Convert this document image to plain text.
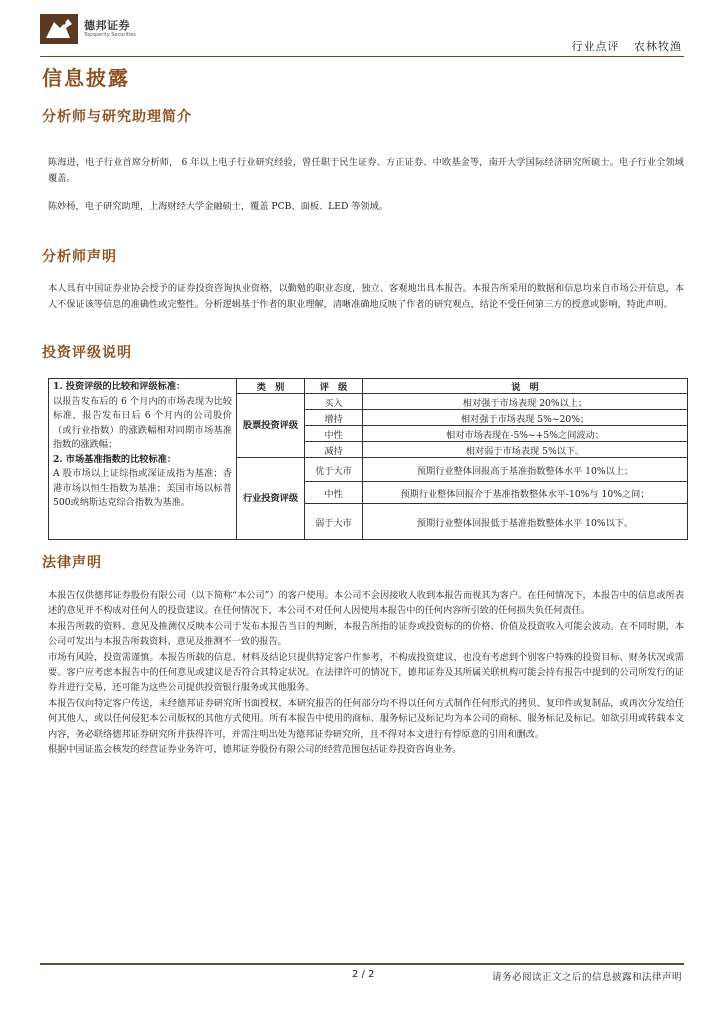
德邦证券
Topsperity Securities
行业点评 农林牧渔
信息披露
分析师与研究助理简介
陈海进，电子行业首席分析师， 6 年以上电子行业研究经验，曾任职于民生证券、方正证券、中欧基金等，南开大学国际经济研究所硕士。电子行业全领域覆盖。
陈妙杨，电子研究助理，上海财经大学金融硕士，覆盖 PCB、面板、LED 等领域。
分析师声明
本人具有中国证券业协会授予的证券投资咨询执业资格，以勤勉的职业态度，独立、客观地出具本报告。本报告所采用的数据和信息均来自市场公开信息，本人不保证该等信息的准确性或完整性。分析逻辑基于作者的职业理解，清晰准确地反映了作者的研究观点，结论不受任何第三方的授意或影响，特此声明。
投资评级说明
1. 投资评级的比较和评级标准：
以报告发布后的 6 个月内的市场表现为比较标准，报告发布日后 6 个月内的公司股价（或行业指数）的涨跌幅相对同期市场基准指数的涨跌幅；
2. 市场基准指数的比较标准：
A 股市场以上证综指或深证成指为基准；香港市场以恒生指数为基准；美国市场以标普500或纳斯达克综合指数为基准。	类　别	评　级	说　明
	股票投资评级	买入	相对强于市场表现 20%以上；
		增持	相对强于市场表现 5%~20%；
		中性	相对市场表现在-5%~+5%之间波动；
		减持	相对弱于市场表现 5%以下。
	行业投资评级	优于大市	预期行业整体回报高于基准指数整体水平 10%以上；
		中性	预期行业整体回报介于基准指数整体水平-10%与 10%之间；
		弱于大市	预期行业整体回报低于基准指数整体水平 10%以下。

法律声明

本报告仅供德邦证券股份有限公司（以下简称“本公司”）的客户使用。本公司不会因接收人收到本报告而视其为客户。在任何情况下，本报告中的信息或所表述的意见并不构成对任何人的投资建议。在任何情况下，本公司不对任何人因使用本报告中的任何内容所引致的任何损失负任何责任。

本报告所载的资料、意见及推测仅反映本公司于发布本报告当日的判断，本报告所指的证券或投资标的的价格、价值及投资收入可能会波动。在不同时期，本公司可发出与本报告所载资料、意见及推测不一致的报告。

市场有风险，投资需谨慎。本报告所载的信息、材料及结论只提供特定客户作参考，不构成投资建议，也没有考虑到个别客户特殊的投资目标、财务状况或需要。客户应考虑本报告中的任何意见或建议是否符合其特定状况。在法律许可的情况下，德邦证券及其所属关联机构可能会持有报告中提到的公司所发行的证券并进行交易，还可能为这些公司提供投资银行服务或其他服务。

本报告仅向特定客户传送，未经德邦证券研究所书面授权，本研究报告的任何部分均不得以任何方式制作任何形式的拷贝、复印件或复制品，或再次分发给任何其他人，或以任何侵犯本公司版权的其他方式使用。所有本报告中使用的商标、服务标记及标记均为本公司的商标、服务标记及标记。如欲引用或转载本文内容，务必联络德邦证券研究所并获得许可，并需注明出处为德邦证券研究所，且不得对本文进行有悖原意的引用和删改。

根据中国证监会核发的经营证券业务许可，德邦证券股份有限公司的经营范围包括证券投资咨询业务。

2 / 2	请务必阅读正文之后的信息披露和法律声明
